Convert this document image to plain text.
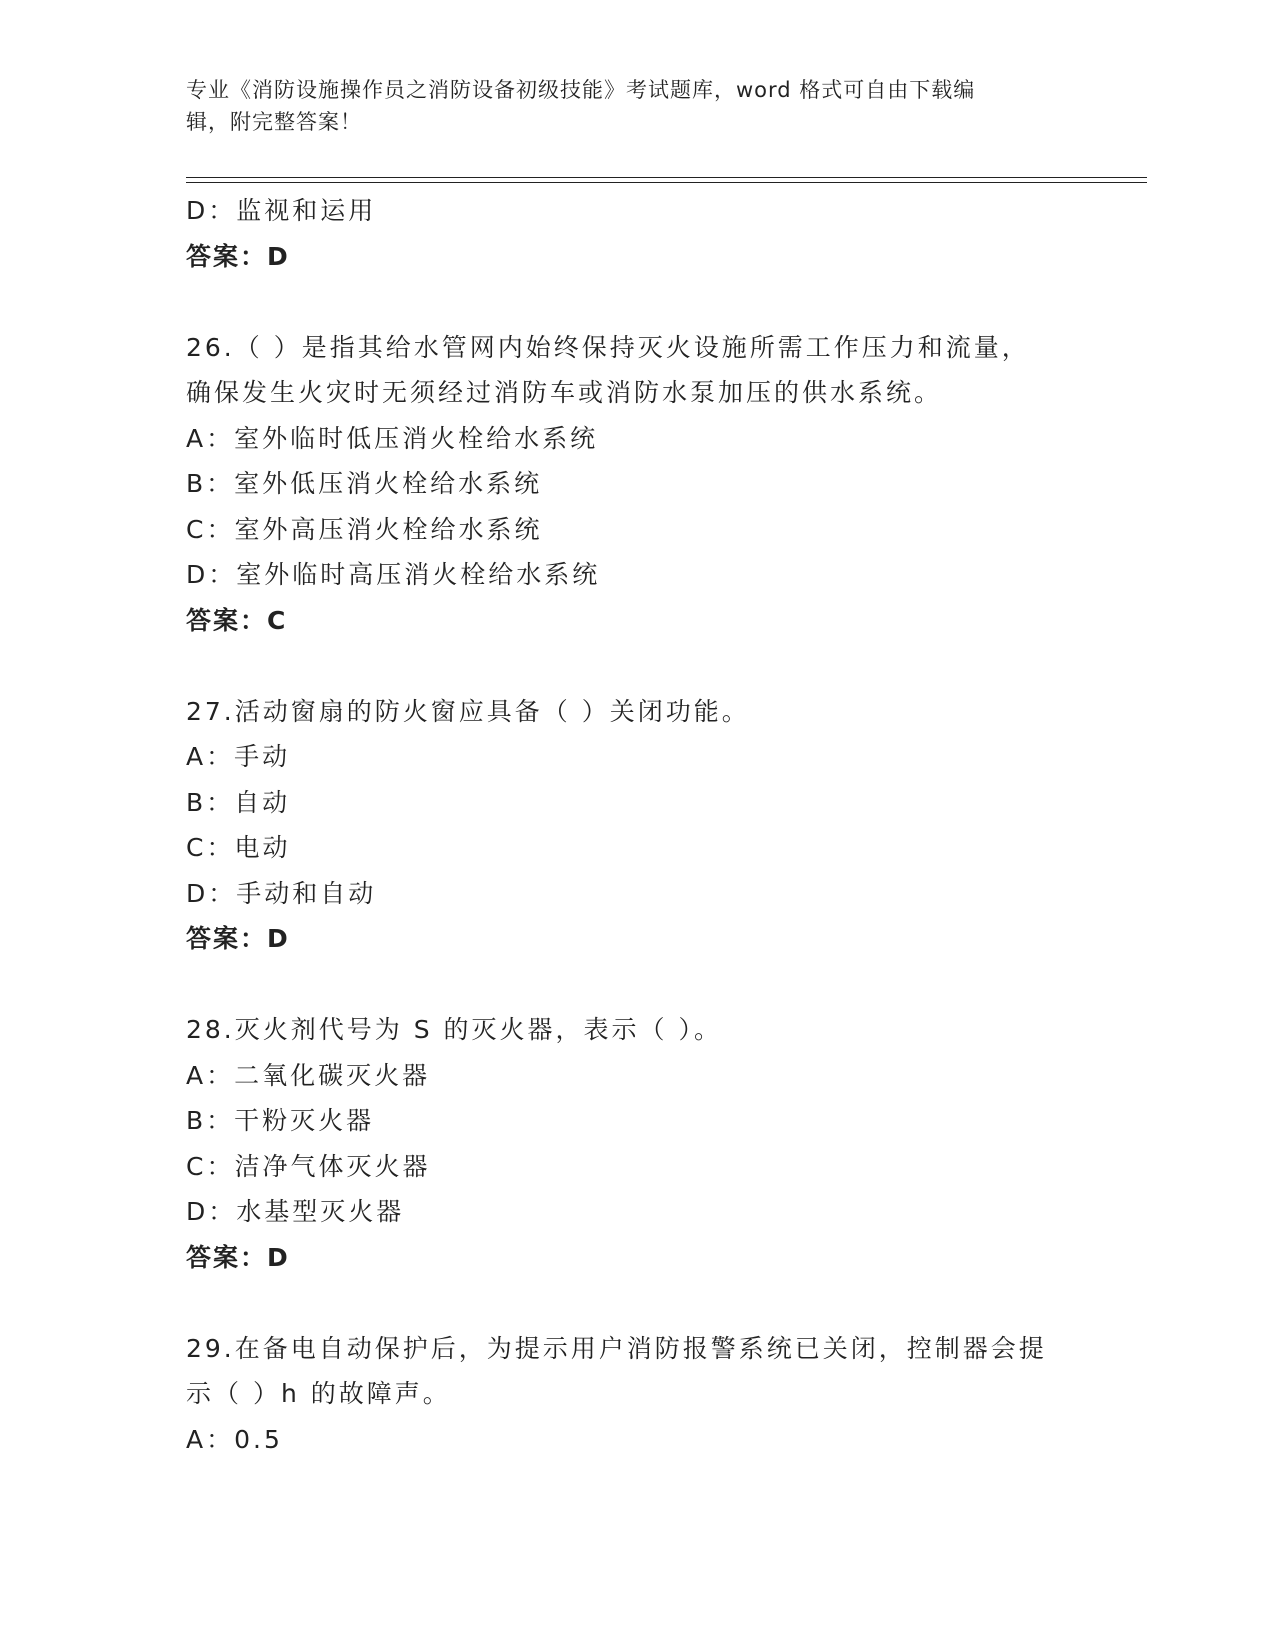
专业《消防设施操作员之消防设备初级技能》考试题库，word 格式可自由下载编
辑，附完整答案！
D：监视和运用
答案：D
26.（ ）是指其给水管网内始终保持灭火设施所需工作压力和流量，
确保发生火灾时无须经过消防车或消防水泵加压的供水系统。
A：室外临时低压消火栓给水系统
B：室外低压消火栓给水系统
C：室外高压消火栓给水系统
D：室外临时高压消火栓给水系统
答案：C
27.活动窗扇的防火窗应具备（ ）关闭功能。
A：手动
B：自动
C：电动
D：手动和自动
答案：D
28.灭火剂代号为 S 的灭火器，表示（ ）。
A：二氧化碳灭火器
B：干粉灭火器
C：洁净气体灭火器
D：水基型灭火器
答案：D
29.在备电自动保护后，为提示用户消防报警系统已关闭，控制器会提
示（ ）h 的故障声。
A：0.5
